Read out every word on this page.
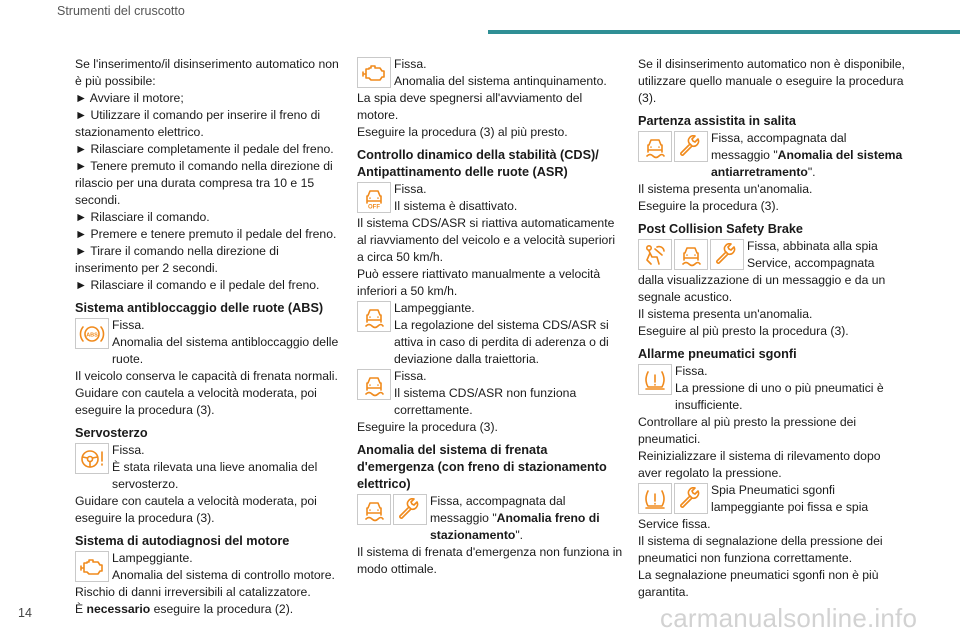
Strumenti del cruscotto

Se l'inserimento/il disinserimento automatico non è più possibile:

► Avviare il motore;

► Utilizzare il comando per inserire il freno di stazionamento elettrico.

► Rilasciare completamente il pedale del freno.

► Tenere premuto il comando nella direzione di rilascio per una durata compresa tra 10 e 15 secondi.

► Rilasciare il comando.

► Premere e tenere premuto il pedale del freno.

► Tirare il comando nella direzione di inserimento per 2 secondi.

► Rilasciare il comando e il pedale del freno.

Sistema antibloccaggio delle ruote (ABS)

ABS

Fissa.

Anomalia del sistema antibloccaggio delle ruote.

Il veicolo conserva le capacità di frenata normali.

Guidare con cautela a velocità moderata, poi eseguire la procedura (3).

Servosterzo

Fissa.

È stata rilevata una lieve anomalia del servosterzo.

Guidare con cautela a velocità moderata, poi eseguire la procedura (3).

Sistema di autodiagnosi del motore

Lampeggiante.

Anomalia del sistema di controllo motore.

Rischio di danni irreversibili al catalizzatore.

È necessario eseguire la procedura (2).

Fissa.

Anomalia del sistema antinquinamento.

La spia deve spegnersi all'avviamento del motore.

Eseguire la procedura (3) al più presto.

Controllo dinamico della stabilità (CDS)/ Antipattinamento delle ruote (ASR)

OFF

Fissa.

Il sistema è disattivato.

Il sistema CDS/ASR si riattiva automaticamente al riavviamento del veicolo e a velocità superiori a circa 50 km/h.

Può essere riattivato manualmente a velocità inferiori a 50 km/h.

Lampeggiante.

La regolazione del sistema CDS/ASR si attiva in caso di perdita di aderenza o di deviazione dalla traiettoria.

Fissa.

Il sistema CDS/ASR non funziona correttamente.

Eseguire la procedura (3).

Anomalia del sistema di frenata d'emergenza (con freno di stazionamento elettrico)

Fissa, accompagnata dal messaggio "Anomalia freno di stazionamento".

Il sistema di frenata d'emergenza non funziona in modo ottimale.

Se il disinserimento automatico non è disponibile, utilizzare quello manuale o eseguire la procedura (3).

Partenza assistita in salita

Fissa, accompagnata dal messaggio "Anomalia del sistema antiarretramento".

Il sistema presenta un'anomalia.

Eseguire la procedura (3).

Post Collision Safety Brake

Fissa, abbinata alla spia Service, accompagnata

dalla visualizzazione di un messaggio e da un segnale acustico.

Il sistema presenta un'anomalia.

Eseguire al più presto la procedura (3).

Allarme pneumatici sgonfi

Fissa.

La pressione di uno o più pneumatici è insufficiente.

Controllare al più presto la pressione dei pneumatici.

Reinizializzare il sistema di rilevamento dopo aver regolato la pressione.

Spia Pneumatici sgonfi lampeggiante poi fissa e spia

Service fissa.

Il sistema di segnalazione della pressione dei pneumatici non funziona correttamente.

La segnalazione pneumatici sgonfi non è più garantita.

14	carmanualsonline.info
